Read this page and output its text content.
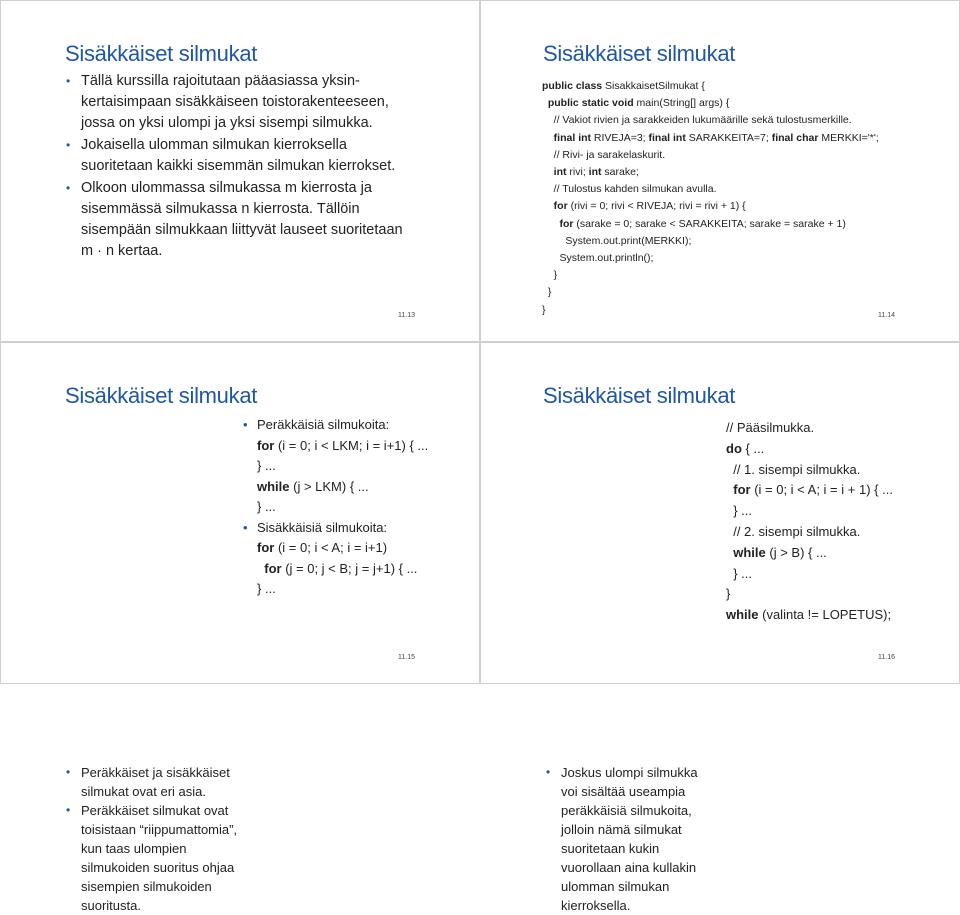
Sisäkkäiset silmukat
• Tällä kurssilla rajoitutaan pääasiassa yksin-
kertaisimpaan sisäkkäiseen toistorakenteeseen,
jossa on yksi ulompi ja yksi sisempi silmukka.
• Jokaisella ulomman silmukan kierroksella
suoritetaan kaikki sisemmän silmukan kierrokset.
• Olkoon ulommassa silmukassa m kierrosta ja
sisemmässä silmukassa n kierrosta. Tällöin
sisempään silmukkaan liittyvät lauseet suoritetaan
m · n kertaa.
11.13
Sisäkkäiset silmukat
11.14
public class SisakkaisetSilmukat {
public static void main(String[] args) {
// Vakiot rivien ja sarakkeiden lukumäärille sekä tulostusmerkille.
final int RIVEJA=3; final int SARAKKEITA=7; final char MERKKI='*';
// Rivi- ja sarakelaskurit.
int rivi; int sarake;
// Tulostus kahden silmukan avulla.
for (rivi = 0; rivi < RIVEJA; rivi = rivi + 1) {
for (sarake = 0; sarake < SARAKKEITA; sarake = sarake + 1)
System.out.print(MERKKI);
System.out.println();
}
}
}
Sisäkkäiset silmukat
• Peräkkäiset ja sisäkkäiset
silmukat ovat eri asia.
• Peräkkäiset silmukat ovat
toisistaan “riippumattomia”,
kun taas ulompien
silmukoiden suoritus ohjaa
sisempien silmukoiden
suoritusta.
11.15
• Peräkkäisiä silmukoita:
for (i = 0; i < LKM; i = i+1) { ...
} ...
while (j > LKM) { ...
} ...
• Sisäkkäisiä silmukoita:
for (i = 0; i < A; i = i+1)
for (j = 0; j < B; j = j+1) { ...
} ...
Sisäkkäiset silmukat
• Joskus ulompi silmukka
voi sisältää useampia
peräkkäisiä silmukoita,
jolloin nämä silmukat
suoritetaan kukin
vuorollaan aina kullakin
ulomman silmukan
kierroksella.
11.16
// Pääsilmukka.
do { ...
// 1. sisempi silmukka.
for (i = 0; i < A; i = i + 1) { ...
} ...
// 2. sisempi silmukka.
while (j > B) { ...
} ...
}
while (valinta != LOPETUS);
